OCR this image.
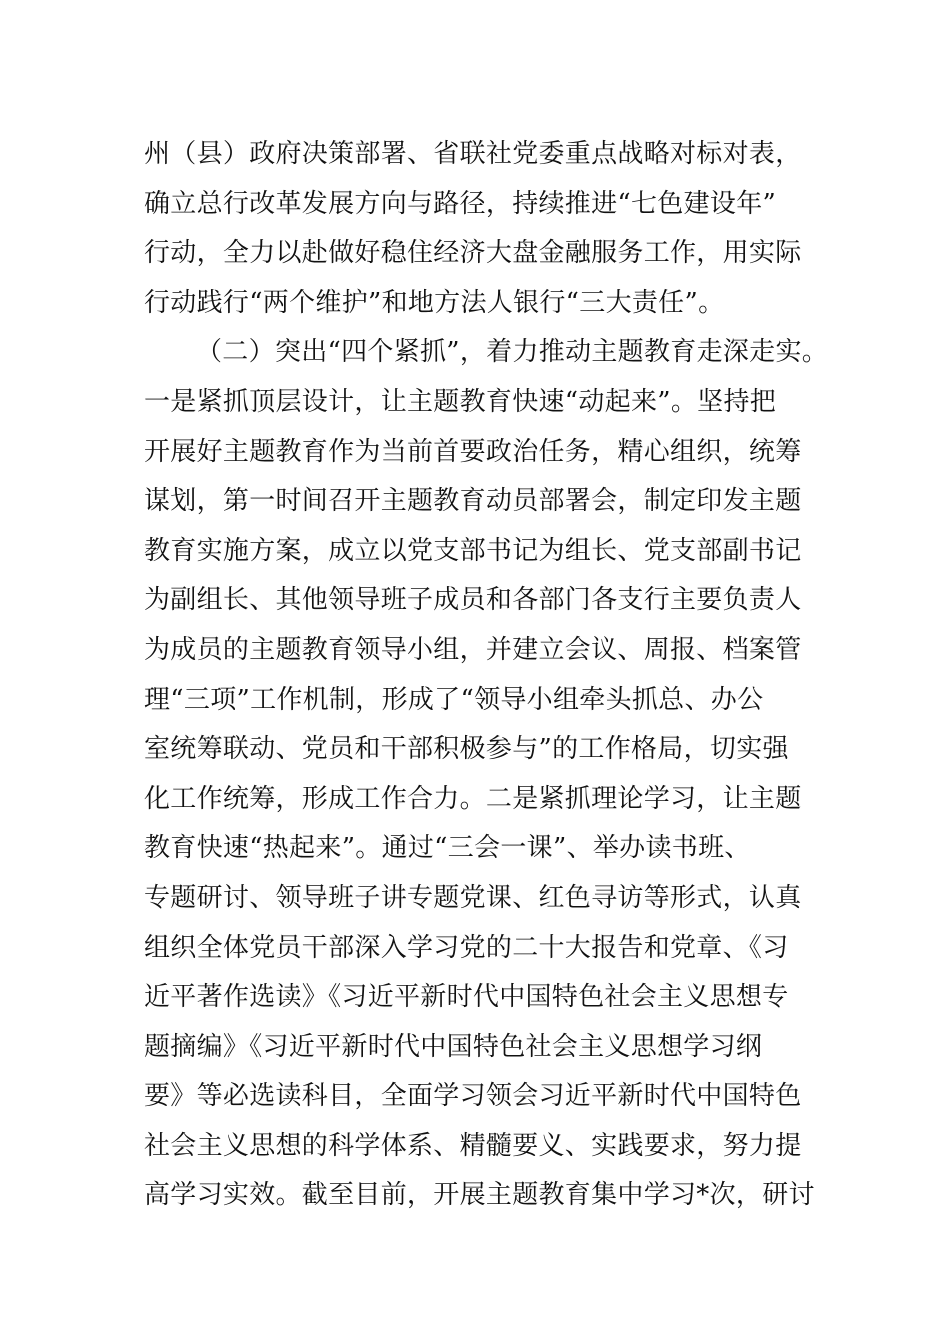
州（县）政府决策部署、省联社党委重点战略对标对表，
确立总行改革发展方向与路径，持续推进“七色建设年”
行动，全力以赴做好稳住经济大盘金融服务工作，用实际
行动践行“两个维护”和地方法人银行“三大责任”。
（二）突出“四个紧抓”，着力推动主题教育走深走实。
一是紧抓顶层设计，让主题教育快速“动起来”。坚持把
开展好主题教育作为当前首要政治任务，精心组织，统筹
谋划，第一时间召开主题教育动员部署会，制定印发主题
教育实施方案，成立以党支部书记为组长、党支部副书记
为副组长、其他领导班子成员和各部门各支行主要负责人
为成员的主题教育领导小组，并建立会议、周报、档案管
理“三项”工作机制，形成了“领导小组牵头抓总、办公
室统筹联动、党员和干部积极参与”的工作格局，切实强
化工作统筹，形成工作合力。二是紧抓理论学习，让主题
教育快速“热起来”。通过“三会一课”、举办读书班、
专题研讨、领导班子讲专题党课、红色寻访等形式，认真
组织全体党员干部深入学习党的二十大报告和党章、《习
近平著作选读》《习近平新时代中国特色社会主义思想专
题摘编》《习近平新时代中国特色社会主义思想学习纲
要》等必选读科目，全面学习领会习近平新时代中国特色
社会主义思想的科学体系、精髓要义、实践要求，努力提
高学习实效。截至目前，开展主题教育集中学习*次，研讨
